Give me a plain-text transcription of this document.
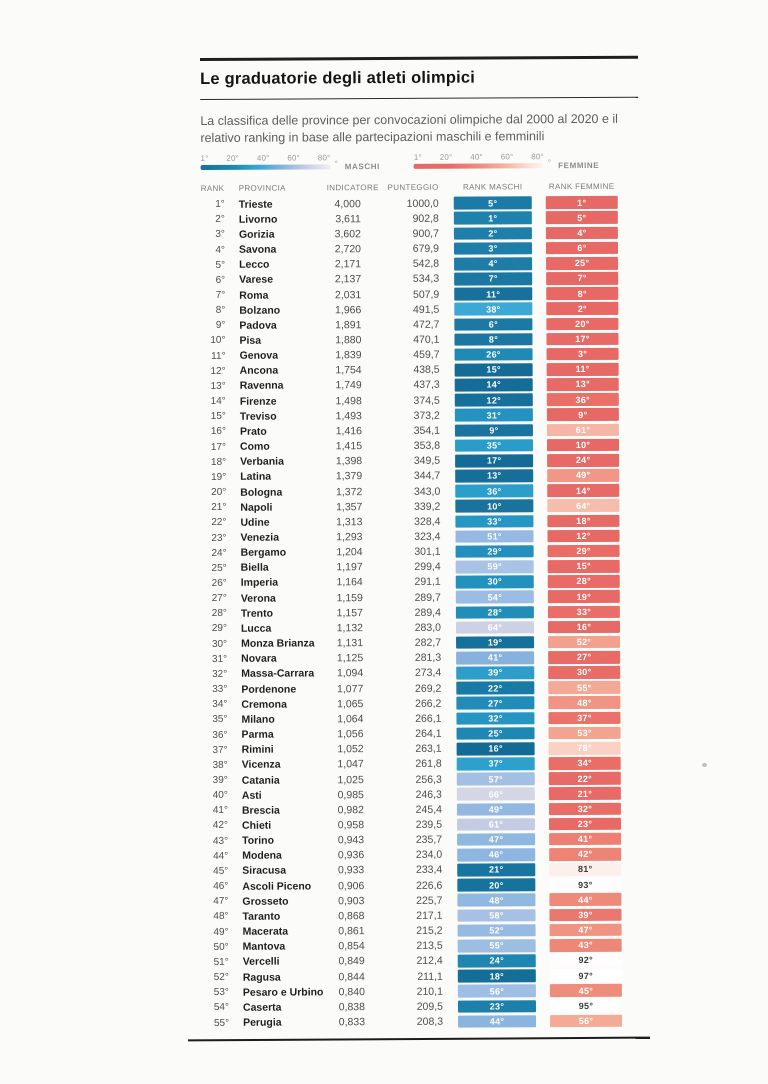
Le graduatorie degli atleti olimpici
La classifica delle province per convocazioni olimpiche dal 2000 al 2020 e il relativo ranking in base alle partecipazioni maschili e femminili
1° 20° 40° 60° 80°
° MASCHI
1° 20° 40° 60° 80°
° FEMMINE
RANK	PROVINCIA	INDICATORE	PUNTEGGIO	RANK MASCHI	RANK FEMMINE
1° Trieste	4,000	1000,0	5°	1°
2° Livorno	3,611	902,8	1°	5°
3° Gorizia	3,602	900,7	2°	4°
4° Savona	2,720	679,9	3°	6°
5° Lecco	2,171	542,8	4°	25°
6° Varese	2,137	534,3	7°	7°
7° Roma	2,031	507,9	11°	8°
8° Bolzano	1,966	491,5	38°	2°
9° Padova	1,891	472,7	6°	20°
10° Pisa	1,880	470,1	8°	17°
11° Genova	1,839	459,7	26°	3°
12° Ancona	1,754	438,5	15°	11°
13° Ravenna	1,749	437,3	14°	13°
14° Firenze	1,498	374,5	12°	36°
15° Treviso	1,493	373,2	31°	9°
16° Prato	1,416	354,1	9°	61°
17° Como	1,415	353,8	35°	10°
18° Verbania	1,398	349,5	17°	24°
19° Latina	1,379	344,7	13°	49°
20° Bologna	1,372	343,0	36°	14°
21° Napoli	1,357	339,2	10°	64°
22° Udine	1,313	328,4	33°	18°
23° Venezia	1,293	323,4	51°	12°
24° Bergamo	1,204	301,1	29°	29°
25° Biella	1,197	299,4	59°	15°
26° Imperia	1,164	291,1	30°	28°
27° Verona	1,159	289,7	54°	19°
28° Trento	1,157	289,4	28°	33°
29° Lucca	1,132	283,0	64°	16°
30° Monza Brianza	1,131	282,7	19°	52°
31° Novara	1,125	281,3	41°	27°
32° Massa-Carrara	1,094	273,4	39°	30°
33° Pordenone	1,077	269,2	22°	55°
34° Cremona	1,065	266,2	27°	48°
35° Milano	1,064	266,1	32°	37°
36° Parma	1,056	264,1	25°	53°
37° Rimini	1,052	263,1	16°	78°
38° Vicenza	1,047	261,8	37°	34°
39° Catania	1,025	256,3	57°	22°
40° Asti	0,985	246,3	66°	21°
41° Brescia	0,982	245,4	49°	32°
42° Chieti	0,958	239,5	61°	23°
43° Torino	0,943	235,7	47°	41°
44° Modena	0,936	234,0	46°	42°
45° Siracusa	0,933	233,4	21°	81°
46° Ascoli Piceno	0,906	226,6	20°	93°
47° Grosseto	0,903	225,7	48°	44°
48° Taranto	0,868	217,1	58°	39°
49° Macerata	0,861	215,2	52°	47°
50° Mantova	0,854	213,5	55°	43°
51° Vercelli	0,849	212,4	24°	92°
52° Ragusa	0,844	211,1	18°	97°
53° Pesaro e Urbino	0,840	210,1	56°	45°
54° Caserta	0,838	209,5	23°	95°
55° Perugia	0,833	208,3	44°	56°
